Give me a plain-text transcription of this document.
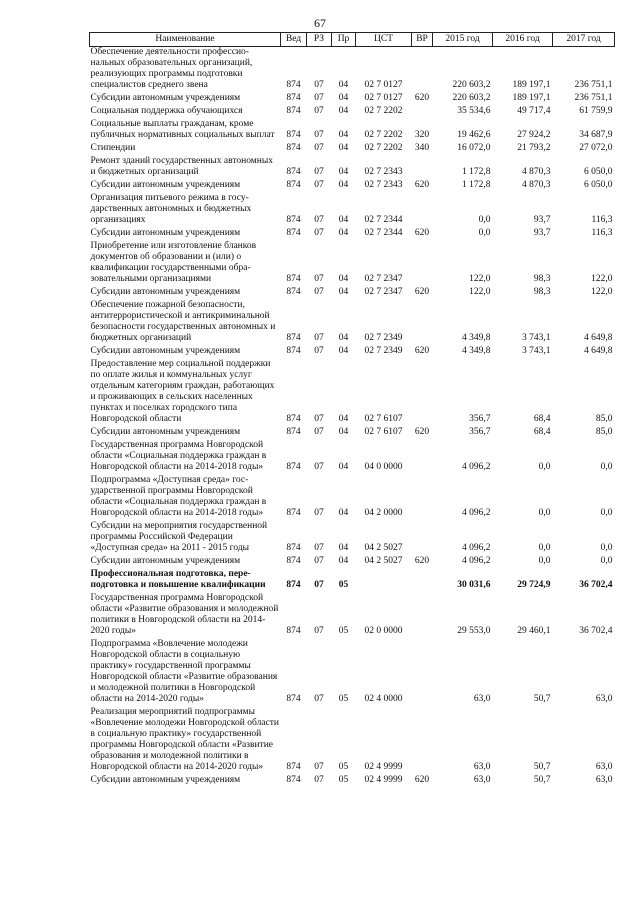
67
Наименование	Вед	РЗ	Пр	ЦСТ	ВР	2015 год	2016 год	2017 год
Обеспечение деятельности профессиональных образовательных организаций, реализующих программы подготовки специалистов среднего звена	874	07	04	02 7 0127		220 603,2	189 197,1	236 751,1
Субсидии автономным учреждениям	874	07	04	02 7 0127	620	220 603,2	189 197,1	236 751,1
Социальная поддержка обучающихся	874	07	04	02 7 2202		35 534,6	49 717,4	61 759,9
Социальные выплаты гражданам, кроме публичных нормативных социальных выплат	874	07	04	02 7 2202	320	19 462,6	27 924,2	34 687,9
Стипендии	874	07	04	02 7 2202	340	16 072,0	21 793,2	27 072,0
Ремонт зданий государственных автономных и бюджетных организаций	874	07	04	02 7 2343		1 172,8	4 870,3	6 050,0
Субсидии автономным учреждениям	874	07	04	02 7 2343	620	1 172,8	4 870,3	6 050,0
Организация питьевого режима в государственных автономных и бюджетных организациях	874	07	04	02 7 2344		0,0	93,7	116,3
Субсидии автономным учреждениям	874	07	04	02 7 2344	620	0,0	93,7	116,3
Приобретение или изготовление бланков документов об образовании и (или) о квалификации государственными образовательными организациями	874	07	04	02 7 2347		122,0	98,3	122,0
Субсидии автономным учреждениям	874	07	04	02 7 2347	620	122,0	98,3	122,0
Обеспечение пожарной безопасности, антитеррористической и антикриминальной безопасности государственных автономных и бюджетных организаций	874	07	04	02 7 2349		4 349,8	3 743,1	4 649,8
Субсидии автономным учреждениям	874	07	04	02 7 2349	620	4 349,8	3 743,1	4 649,8
Предоставление мер социальной поддержки по оплате жилья и коммунальных услуг отдельным категориям граждан, работающих и проживающих в сельских населенных пунктах и поселках городского типа Новгородской области	874	07	04	02 7 6107		356,7	68,4	85,0
Субсидии автономным учреждениям	874	07	04	02 7 6107	620	356,7	68,4	85,0
Государственная программа Новгородской области «Социальная поддержка граждан в Новгородской области на 2014-2018 годы»	874	07	04	04 0 0000		4 096,2	0,0	0,0
Подпрограмма «Доступная среда» государственной программы Новгородской области «Социальная поддержка граждан в Новгородской области на 2014-2018 годы»	874	07	04	04 2 0000		4 096,2	0,0	0,0
Субсидии на мероприятия государственной программы Российской Федерации «Доступная среда» на 2011 - 2015 годы	874	07	04	04 2 5027		4 096,2	0,0	0,0
Субсидии автономным учреждениям	874	07	04	04 2 5027	620	4 096,2	0,0	0,0
Профессиональная подготовка, переподготовка и повышение квалификации	874	07	05			30 031,6	29 724,9	36 702,4
Государственная программа Новгородской области «Развитие образования и молодежной политики в Новгородской области на 2014-2020 годы»	874	07	05	02 0 0000		29 553,0	29 460,1	36 702,4
Подпрограмма «Вовлечение молодежи Новгородской области в социальную практику» государственной программы Новгородской области «Развитие образования и молодежной политики в Новгородской области на 2014-2020 годы»	874	07	05	02 4 0000		63,0	50,7	63,0
Реализация мероприятий подпрограммы «Вовлечение молодежи Новгородской области в социальную практику» государственной программы Новгородской области «Развитие образования и молодежной политики в Новгородской области на 2014-2020 годы»	874	07	05	02 4 9999		63,0	50,7	63,0
Субсидии автономным учреждениям	874	07	05	02 4 9999	620	63,0	50,7	63,0
